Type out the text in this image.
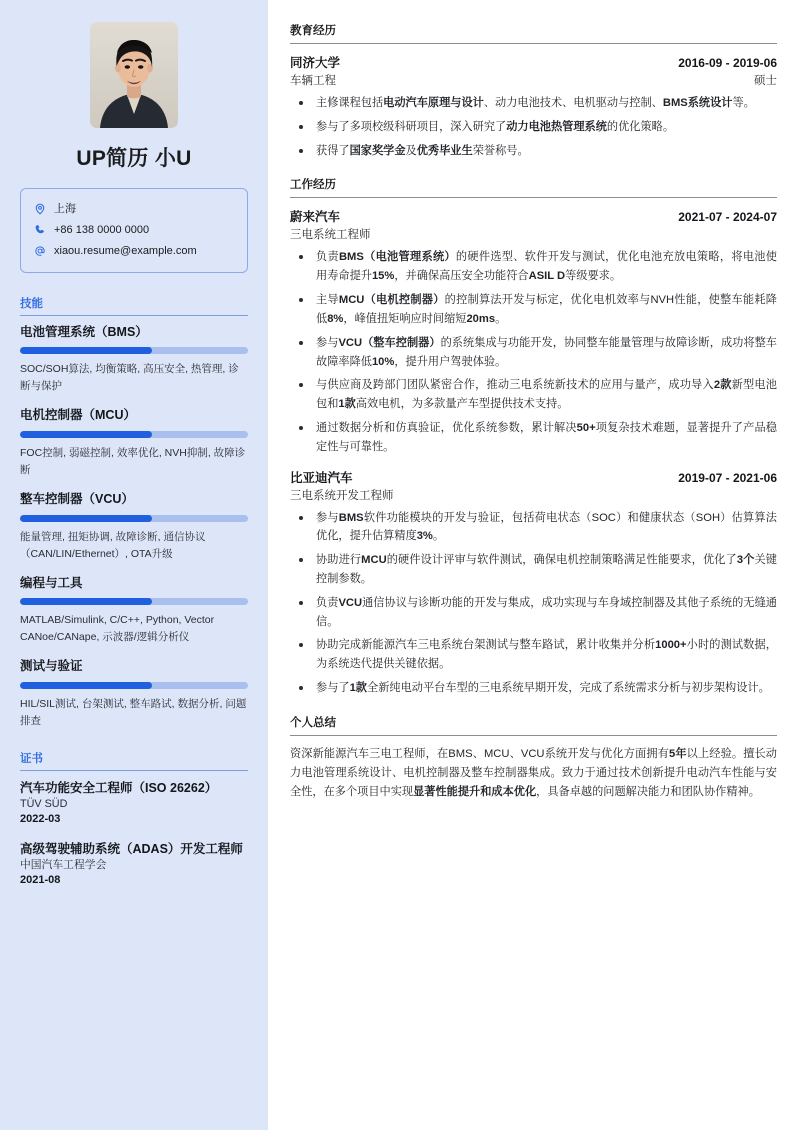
UP简历 小U
上海
+86 138 0000 0000
xiaou.resume@example.com
技能
电池管理系统（BMS）
SOC/SOH算法, 均衡策略, 高压安全, 热管理, 诊断与保护
电机控制器（MCU）
FOC控制, 弱磁控制, 效率优化, NVH抑制, 故障诊断
整车控制器（VCU）
能量管理, 扭矩协调, 故障诊断, 通信协议（CAN/LIN/Ethernet）, OTA升级
编程与工具
MATLAB/Simulink, C/C++, Python, Vector CANoe/CANape, 示波器/逻辑分析仪
测试与验证
HIL/SIL测试, 台架测试, 整车路试, 数据分析, 问题排查
证书
汽车功能安全工程师（ISO 26262）
TÜV SÜD
2022-03
高级驾驶辅助系统（ADAS）开发工程师
中国汽车工程学会
2021-08
教育经历
同济大学	2016-09 - 2019-06
车辆工程	硕士
主修课程包括电动汽车原理与设计、动力电池技术、电机驱动与控制、BMS系统设计等。
参与了多项校级科研项目，深入研究了动力电池热管理系统的优化策略。
获得了国家奖学金及优秀毕业生荣誉称号。
工作经历
蔚来汽车	2021-07 - 2024-07
三电系统工程师
负责BMS（电池管理系统）的硬件选型、软件开发与测试，优化电池充放电策略，将电池使用寿命提升15%，并确保高压安全功能符合ASIL D等级要求。
主导MCU（电机控制器）的控制算法开发与标定，优化电机效率与NVH性能，使整车能耗降低8%，峰值扭矩响应时间缩短20ms。
参与VCU（整车控制器）的系统集成与功能开发，协同整车能量管理与故障诊断，成功将整车故障率降低10%，提升用户驾驶体验。
与供应商及跨部门团队紧密合作，推动三电系统新技术的应用与量产，成功导入2款新型电池包和1款高效电机，为多款量产车型提供技术支持。
通过数据分析和仿真验证，优化系统参数，累计解决50+项复杂技术难题，显著提升了产品稳定性与可靠性。
比亚迪汽车	2019-07 - 2021-06
三电系统开发工程师
参与BMS软件功能模块的开发与验证，包括荷电状态（SOC）和健康状态（SOH）估算算法优化，提升估算精度3%。
协助进行MCU的硬件设计评审与软件测试，确保电机控制策略满足性能要求，优化了3个关键控制参数。
负责VCU通信协议与诊断功能的开发与集成，成功实现与车身域控制器及其他子系统的无缝通信。
协助完成新能源汽车三电系统台架测试与整车路试，累计收集并分析1000+小时的测试数据，为系统迭代提供关键依据。
参与了1款全新纯电动平台车型的三电系统早期开发，完成了系统需求分析与初步架构设计。
个人总结

资深新能源汽车三电工程师，在BMS、MCU、VCU系统开发与优化方面拥有5年以上经验。擅长动力电池管理系统设计、电机控制器及整车控制器集成。致力于通过技术创新提升电动汽车性能与安全性，在多个项目中实现显著性能提升和成本优化，具备卓越的问题解决能力和团队协作精神。
